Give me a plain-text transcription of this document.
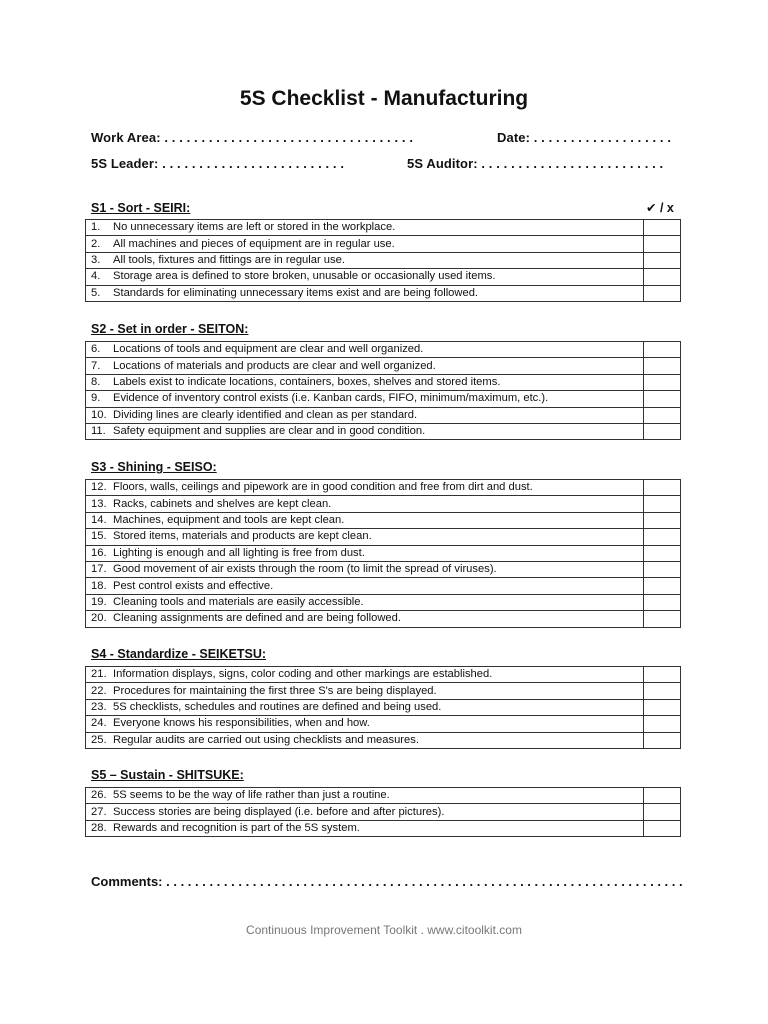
5S Checklist - Manufacturing
Work Area: . . . . . . . . . . . . . . . . . . . . . . . . . . . . . . . . . .	Date: . . . . . . . . . . . . . . . . . . .
5S Leader: . . . . . . . . . . . . . . . . . . . . . . . . .	5S Auditor: . . . . . . . . . . . . . . . . . . . . . . . . .
✔ / x
S1 - Sort - SEIRI:
1. No unnecessary items are left or stored in the workplace.	
2. All machines and pieces of equipment are in regular use.	
3. All tools, fixtures and fittings are in regular use.	
4. Storage area is defined to store broken, unusable or occasionally used items.	
5. Standards for eliminating unnecessary items exist and are being followed.	
S2 - Set in order - SEITON:
6. Locations of tools and equipment are clear and well organized.	
7. Locations of materials and products are clear and well organized.	
8. Labels exist to indicate locations, containers, boxes, shelves and stored items.	
9. Evidence of inventory control exists (i.e. Kanban cards, FIFO, minimum/maximum, etc.).	
10. Dividing lines are clearly identified and clean as per standard.	
11. Safety equipment and supplies are clear and in good condition.	
S3 - Shining - SEISO:
12. Floors, walls, ceilings and pipework are in good condition and free from dirt and dust.	
13. Racks, cabinets and shelves are kept clean.	
14. Machines, equipment and tools are kept clean.	
15. Stored items, materials and products are kept clean.	
16. Lighting is enough and all lighting is free from dust.	
17. Good movement of air exists through the room (to limit the spread of viruses).	
18. Pest control exists and effective.	
19. Cleaning tools and materials are easily accessible.	
20. Cleaning assignments are defined and are being followed.	
S4 - Standardize - SEIKETSU:
21. Information displays, signs, color coding and other markings are established.	
22. Procedures for maintaining the first three S's are being displayed.	
23. 5S checklists, schedules and routines are defined and being used.	
24. Everyone knows his responsibilities, when and how.	
25. Regular audits are carried out using checklists and measures.	
S5 – Sustain - SHITSUKE:
26. 5S seems to be the way of life rather than just a routine.	
27. Success stories are being displayed (i.e. before and after pictures).	
28. Rewards and recognition is part of the 5S system.	
Comments: . . . . . . . . . . . . . . . . . . . . . . . . . . . . . . . . . . . . . . . . . . . . . . . . . . . . . . . . . . . . . . . . . . . . . . . .
Continuous Improvement Toolkit . www.citoolkit.com
